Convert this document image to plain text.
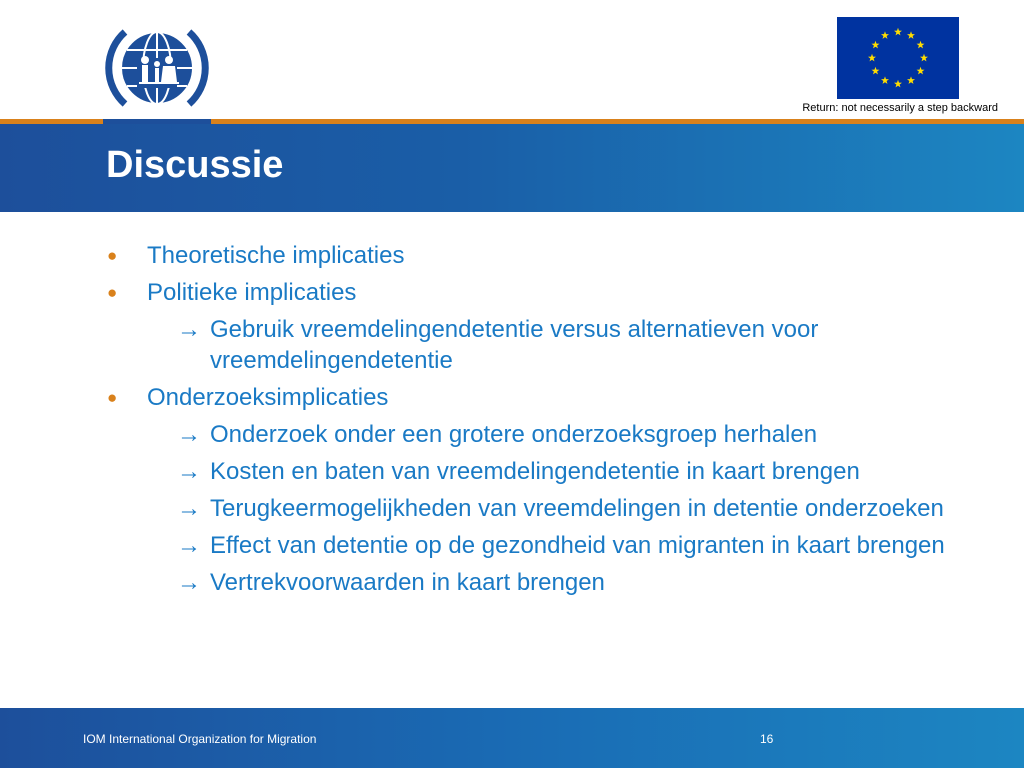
Return: not necessarily a step backward
Discussie
● Theoretische implicaties
● Politieke implicaties
→ Gebruik vreemdelingendetentie versus alternatieven voor vreemdelingendetentie
● Onderzoeksimplicaties
→ Onderzoek onder een grotere onderzoeksgroep herhalen
→ Kosten en baten van vreemdelingendetentie in kaart brengen
→ Terugkeermogelijkheden van vreemdelingen in detentie onderzoeken
→ Effect van detentie op de gezondheid van migranten in kaart brengen
→ Vertrekvoorwaarden in kaart brengen
IOM International Organization for Migration	16
